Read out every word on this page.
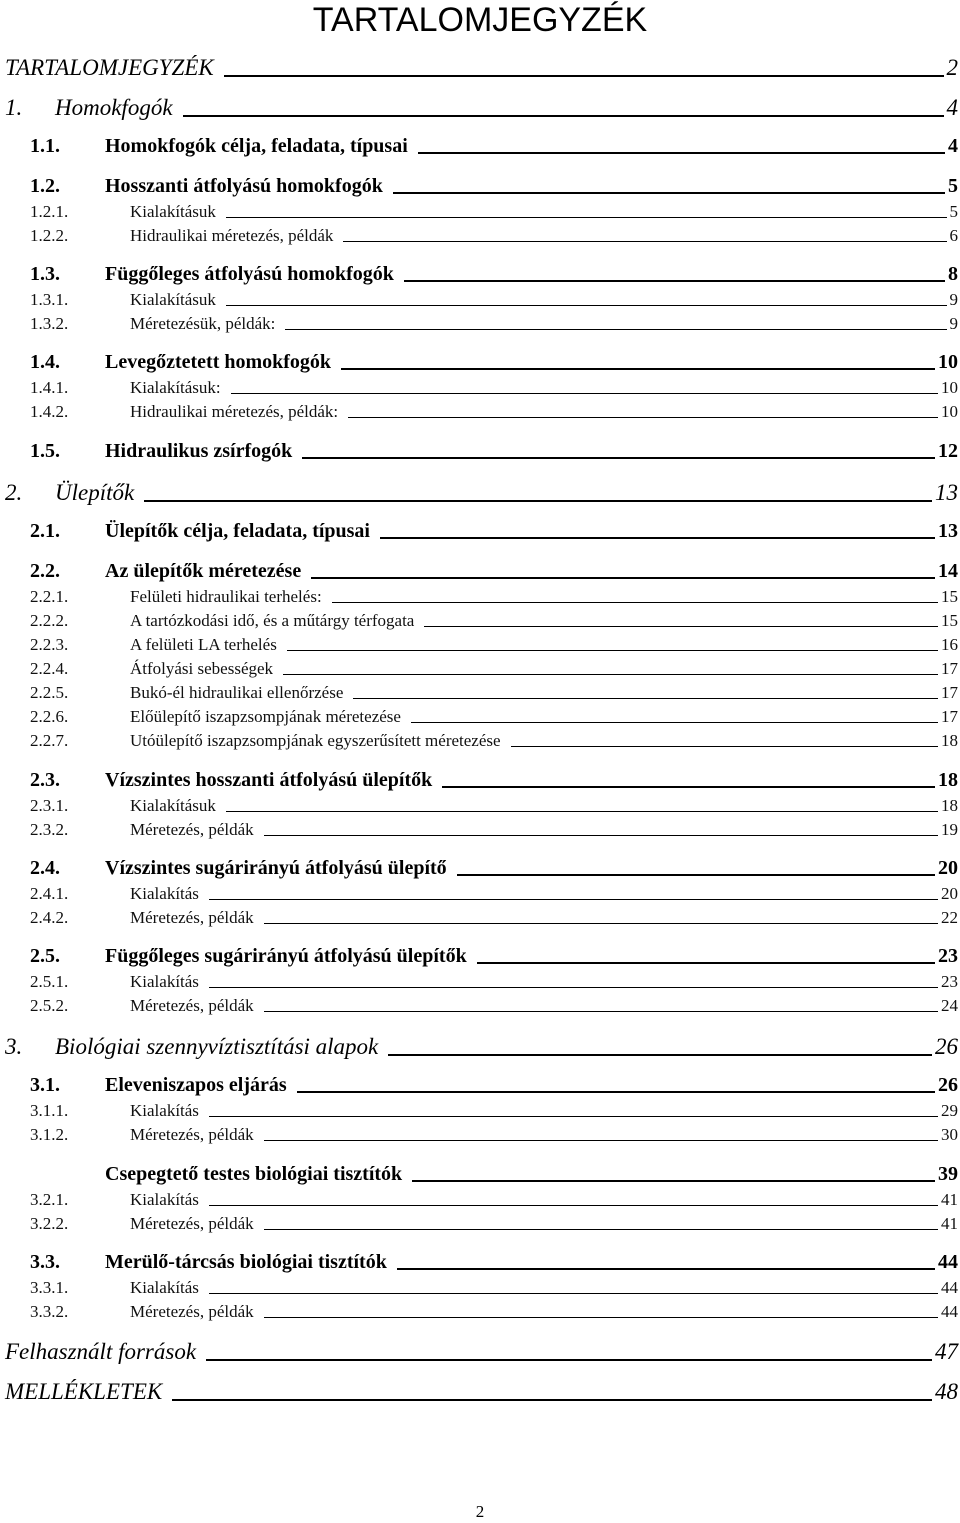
TARTALOMJEGYZÉK
TARTALOMJEGYZÉK	2
1.	Homokfogók	4
1.1.	Homokfogók célja, feladata, típusai	4
1.2.	Hosszanti átfolyású homokfogók	5
1.2.1.	Kialakításuk	5
1.2.2.	Hidraulikai méretezés, példák	6
1.3.	Függőleges átfolyású homokfogók	8
1.3.1.	Kialakításuk	9
1.3.2.	Méretezésük, példák:	9
1.4.	Levegőztetett homokfogók	10
1.4.1.	Kialakításuk:	10
1.4.2.	Hidraulikai méretezés, példák:	10
1.5.	Hidraulikus zsírfogók	12
2.	Ülepítők	13
2.1.	Ülepítők célja, feladata, típusai	13
2.2.	Az ülepítők méretezése	14
2.2.1.	Felületi hidraulikai terhelés:	15
2.2.2.	A tartózkodási idő, és a műtárgy térfogata	15
2.2.3.	A felületi LA terhelés	16
2.2.4.	Átfolyási sebességek	17
2.2.5.	Bukó-él hidraulikai ellenőrzése	17
2.2.6.	Előülepítő iszapzsompjának méretezése	17
2.2.7.	Utóülepítő iszapzsompjának egyszerűsített méretezése	18
2.3.	Vízszintes hosszanti átfolyású ülepítők	18
2.3.1.	Kialakításuk	18
2.3.2.	Méretezés, példák	19
2.4.	Vízszintes sugárirányú átfolyású ülepítő	20
2.4.1.	Kialakítás	20
2.4.2.	Méretezés, példák	22
2.5.	Függőleges sugárirányú átfolyású ülepítők	23
2.5.1.	Kialakítás	23
2.5.2.	Méretezés, példák	24
3.	Biológiai szennyvíztisztítási alapok	26
3.1.	Eleveniszapos eljárás	26
3.1.1.	Kialakítás	29
3.1.2.	Méretezés, példák	30
Csepegtető testes biológiai tisztítók	39
3.2.1.	Kialakítás	41
3.2.2.	Méretezés, példák	41
3.3.	Merülő-tárcsás biológiai tisztítók	44
3.3.1.	Kialakítás	44
3.3.2.	Méretezés, példák	44
Felhasznált források	47
MELLÉKLETEK	48
2
